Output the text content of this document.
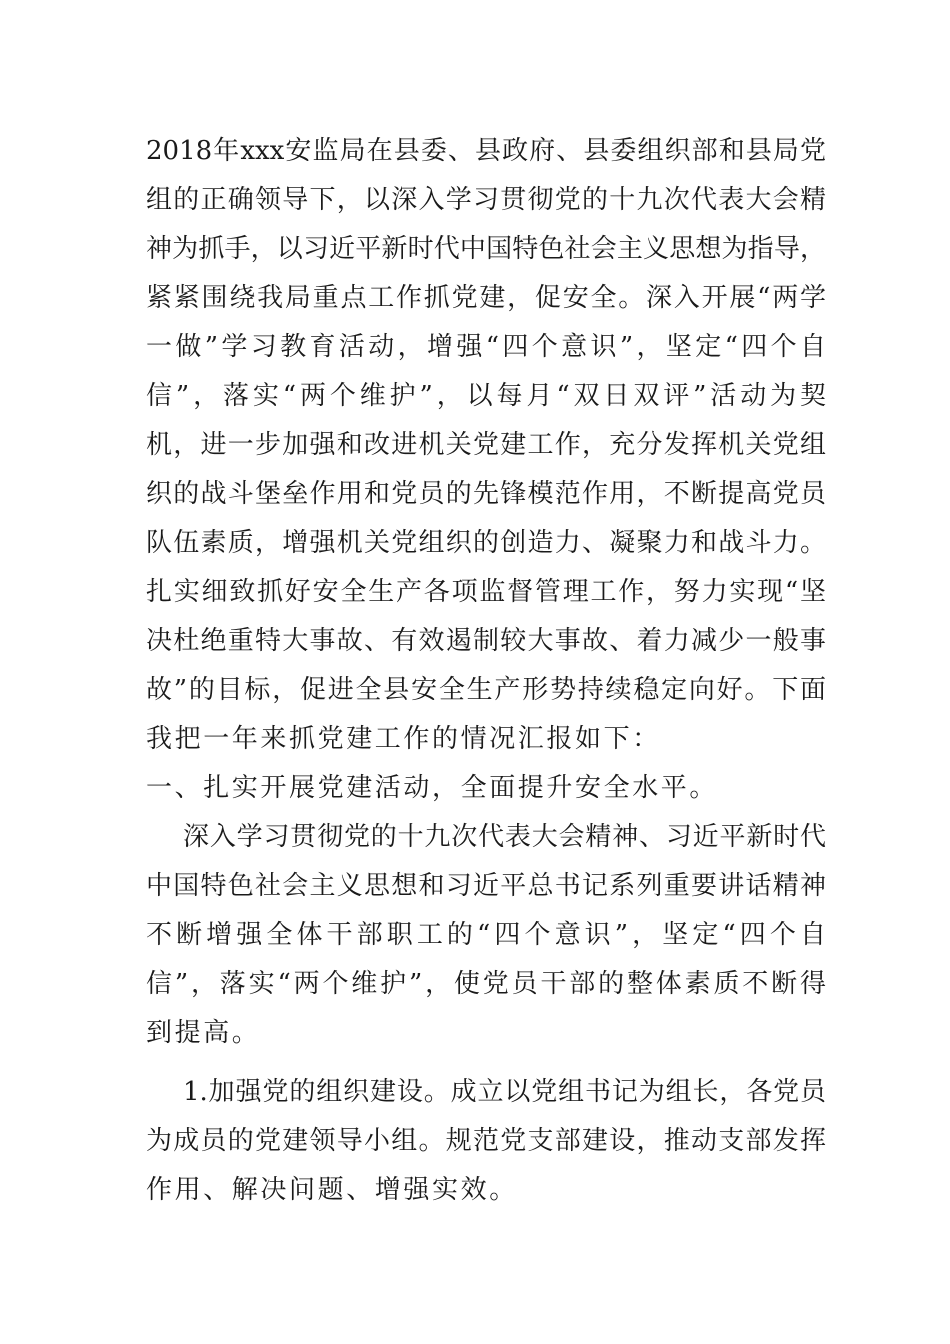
2018年xxx安监局在县委、县政府、县委组织部和县局党
组的正确领导下，以深入学习贯彻党的十九次代表大会精
神为抓手，以习近平新时代中国特色社会主义思想为指导，
紧紧围绕我局重点工作抓党建，促安全。深入开展“两学
一做”学习教育活动，增强“四个意识”，坚定“四个自
信”，落实“两个维护”，以每月“双日双评”活动为契
机，进一步加强和改进机关党建工作，充分发挥机关党组
织的战斗堡垒作用和党员的先锋模范作用，不断提高党员
队伍素质，增强机关党组织的创造力、凝聚力和战斗力。
扎实细致抓好安全生产各项监督管理工作，努力实现“坚
决杜绝重特大事故、有效遏制较大事故、着力减少一般事
故”的目标，促进全县安全生产形势持续稳定向好。下面
我把一年来抓党建工作的情况汇报如下：
一、扎实开展党建活动，全面提升安全水平。
深入学习贯彻党的十九次代表大会精神、习近平新时代
中国特色社会主义思想和习近平总书记系列重要讲话精神
不断增强全体干部职工的“四个意识”，坚定“四个自
信”，落实“两个维护”，使党员干部的整体素质不断得
到提高。
1.加强党的组织建设。成立以党组书记为组长，各党员
为成员的党建领导小组。规范党支部建设，推动支部发挥
作用、解决问题、增强实效。
